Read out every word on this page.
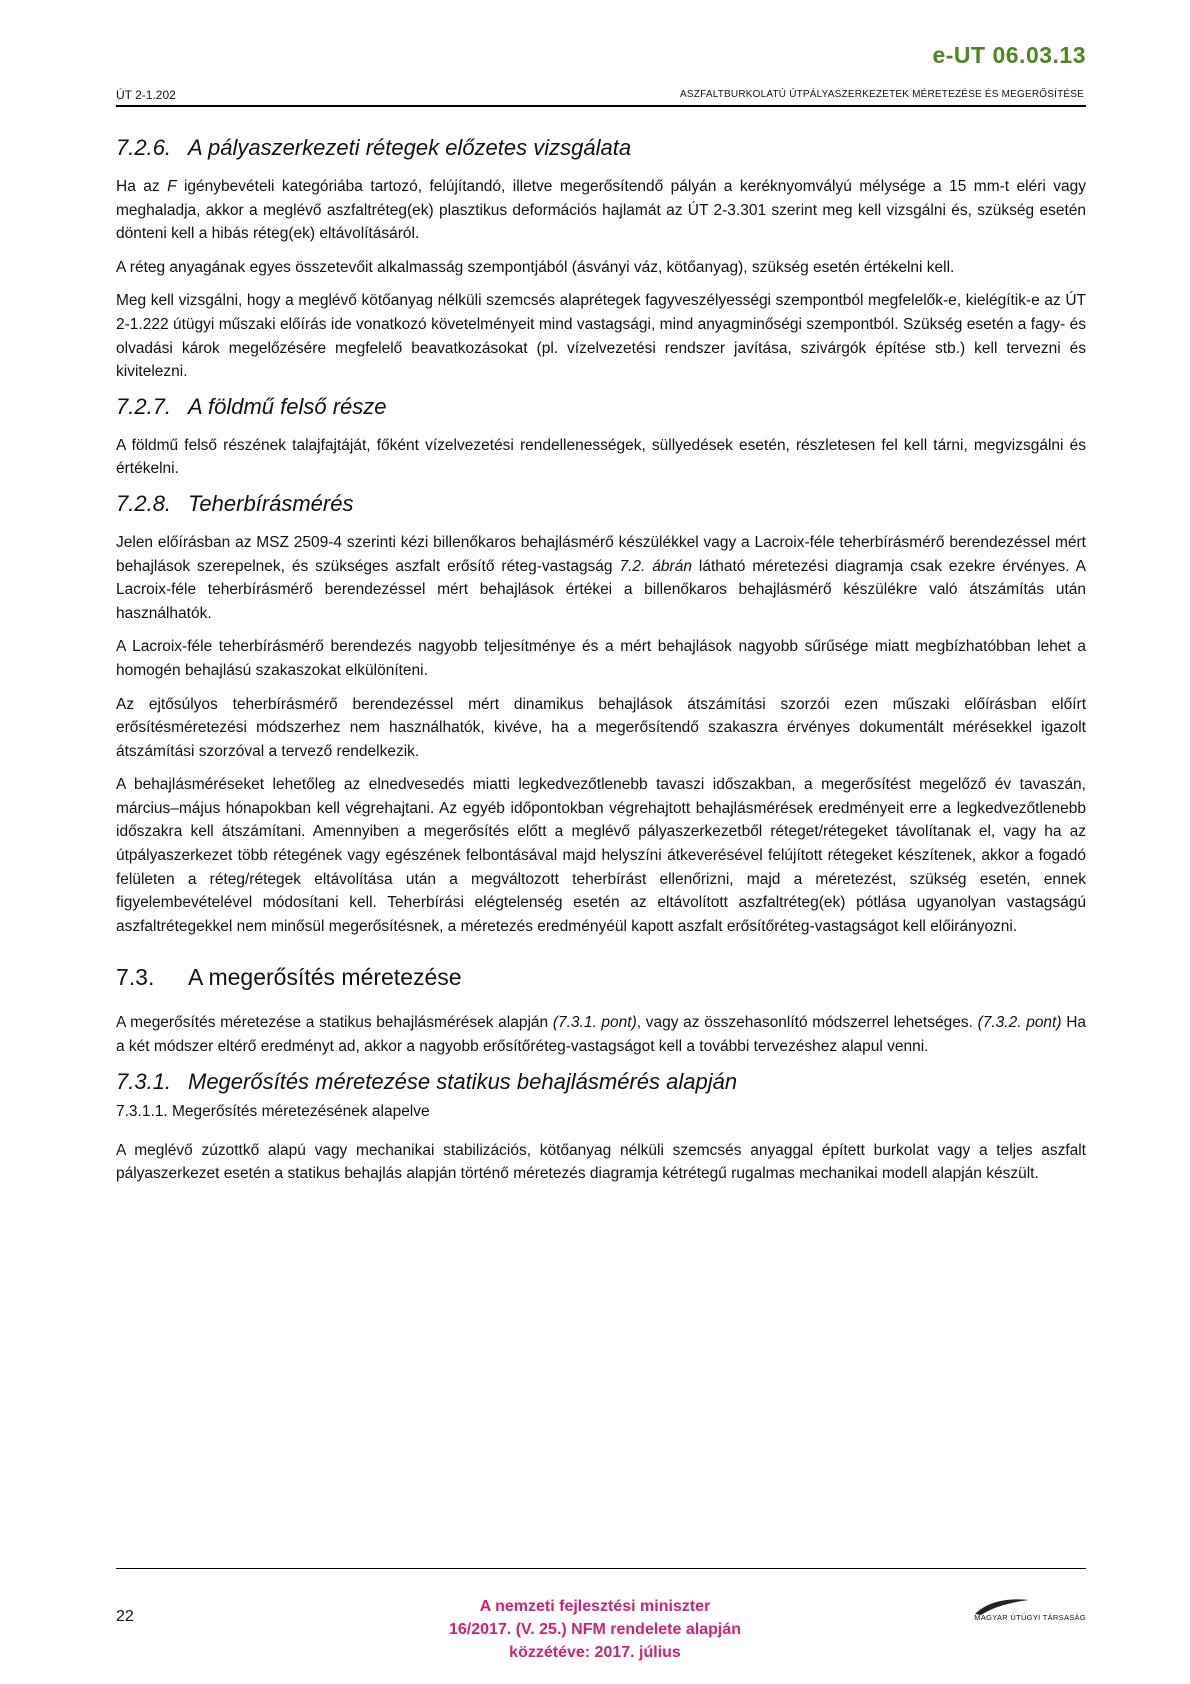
e-UT 06.03.13
ÚT 2-1.202	ASZFALTBURKOLATÚ ÚTPÁLYASZERKEZETEK MÉRETEZÉSE ÉS MEGERŐSÍTÉSE
7.2.6. A pályaszerkezeti rétegek előzetes vizsgálata

Ha az F igénybevételi kategóriába tartozó, felújítandó, illetve megerősítendő pályán a keréknyomvályú mélysége a 15 mm-t eléri vagy meghaladja, akkor a meglévő aszfaltréteg(ek) plasztikus deformációs hajlamát az ÚT 2-3.301 szerint meg kell vizsgálni és, szükség esetén dönteni kell a hibás réteg(ek) eltávolításáról.

A réteg anyagának egyes összetevőit alkalmasság szempontjából (ásványi váz, kötőanyag), szükség esetén értékelni kell.

Meg kell vizsgálni, hogy a meglévő kötőanyag nélküli szemcsés alaprétegek fagyveszélyességi szempontból megfelelők-e, kielégítik-e az ÚT 2-1.222 útügyi műszaki előírás ide vonatkozó követelményeit mind vastagsági, mind anyagminőségi szempontból. Szükség esetén a fagy- és olvadási károk megelőzésére megfelelő beavatkozásokat (pl. vízelvezetési rendszer javítása, szivárgók építése stb.) kell tervezni és kivitelezni.

7.2.7. A földmű felső része

A földmű felső részének talajfajtáját, főként vízelvezetési rendellenességek, süllyedések esetén, részletesen fel kell tárni, megvizsgálni és értékelni.

7.2.8. Teherbírásmérés

Jelen előírásban az MSZ 2509-4 szerinti kézi billenőkaros behajlásmérő készülékkel vagy a Lacroix-féle teherbírásmérő berendezéssel mért behajlások szerepelnek, és szükséges aszfalt erősítő réteg-vastagság 7.2. ábrán látható méretezési diagramja csak ezekre érvényes. A Lacroix-féle teherbírásmérő berendezéssel mért behajlások értékei a billenőkaros behajlásmérő készülékre való átszámítás után használhatók.

A Lacroix-féle teherbírásmérő berendezés nagyobb teljesítménye és a mért behajlások nagyobb sűrűsége miatt megbízhatóbban lehet a homogén behajlású szakaszokat elkülöníteni.

Az ejtősúlyos teherbírásmérő berendezéssel mért dinamikus behajlások átszámítási szorzói ezen műszaki előírásban előírt erősítésméretezési módszerhez nem használhatók, kivéve, ha a megerősítendő szakaszra érvényes dokumentált mérésekkel igazolt átszámítási szorzóval a tervező rendelkezik.

A behajlásméréseket lehetőleg az elnedvesedés miatti legkedvezőtlenebb tavaszi időszakban, a megerősítést megelőző év tavaszán, március–május hónapokban kell végrehajtani. Az egyéb időpontokban végrehajtott behajlásmérések eredményeit erre a legkedvezőtlenebb időszakra kell átszámítani. Amennyiben a megerősítés előtt a meglévő pályaszerkezetből réteget/rétegeket távolítanak el, vagy ha az útpályaszerkezet több rétegének vagy egészének felbontásával majd helyszíni átkeverésével felújított rétegeket készítenek, akkor a fogadó felületen a réteg/rétegek eltávolítása után a megváltozott teherbírást ellenőrizni, majd a méretezést, szükség esetén, ennek figyelembevételével módosítani kell. Teherbírási elégtelenség esetén az eltávolított aszfaltréteg(ek) pótlása ugyanolyan vastagságú aszfaltrétegekkel nem minősül megerősítésnek, a méretezés eredményéül kapott aszfalt erősítőréteg-vastagságot kell előirányozni.

7.3. A megerősítés méretezése

A megerősítés méretezése a statikus behajlásmérések alapján (7.3.1. pont), vagy az összehasonlító módszerrel lehetséges. (7.3.2. pont) Ha a két módszer eltérő eredményt ad, akkor a nagyobb erősítőréteg-vastagságot kell a további tervezéshez alapul venni.

7.3.1. Megerősítés méretezése statikus behajlásmérés alapján
7.3.1.1. Megerősítés méretezésének alapelve

A meglévő zúzottkő alapú vagy mechanikai stabilizációs, kötőanyag nélküli szemcsés anyaggal épített burkolat vagy a teljes aszfalt pályaszerkezet esetén a statikus behajlás alapján történő méretezés diagramja kétrétegű rugalmas mechanikai modell alapján készült.

22
A nemzeti fejlesztési miniszter
16/2017. (V. 25.) NFM rendelete alapján
közzétéve: 2017. július
MAGYAR ÚTÜGYI TÁRSASÁG
